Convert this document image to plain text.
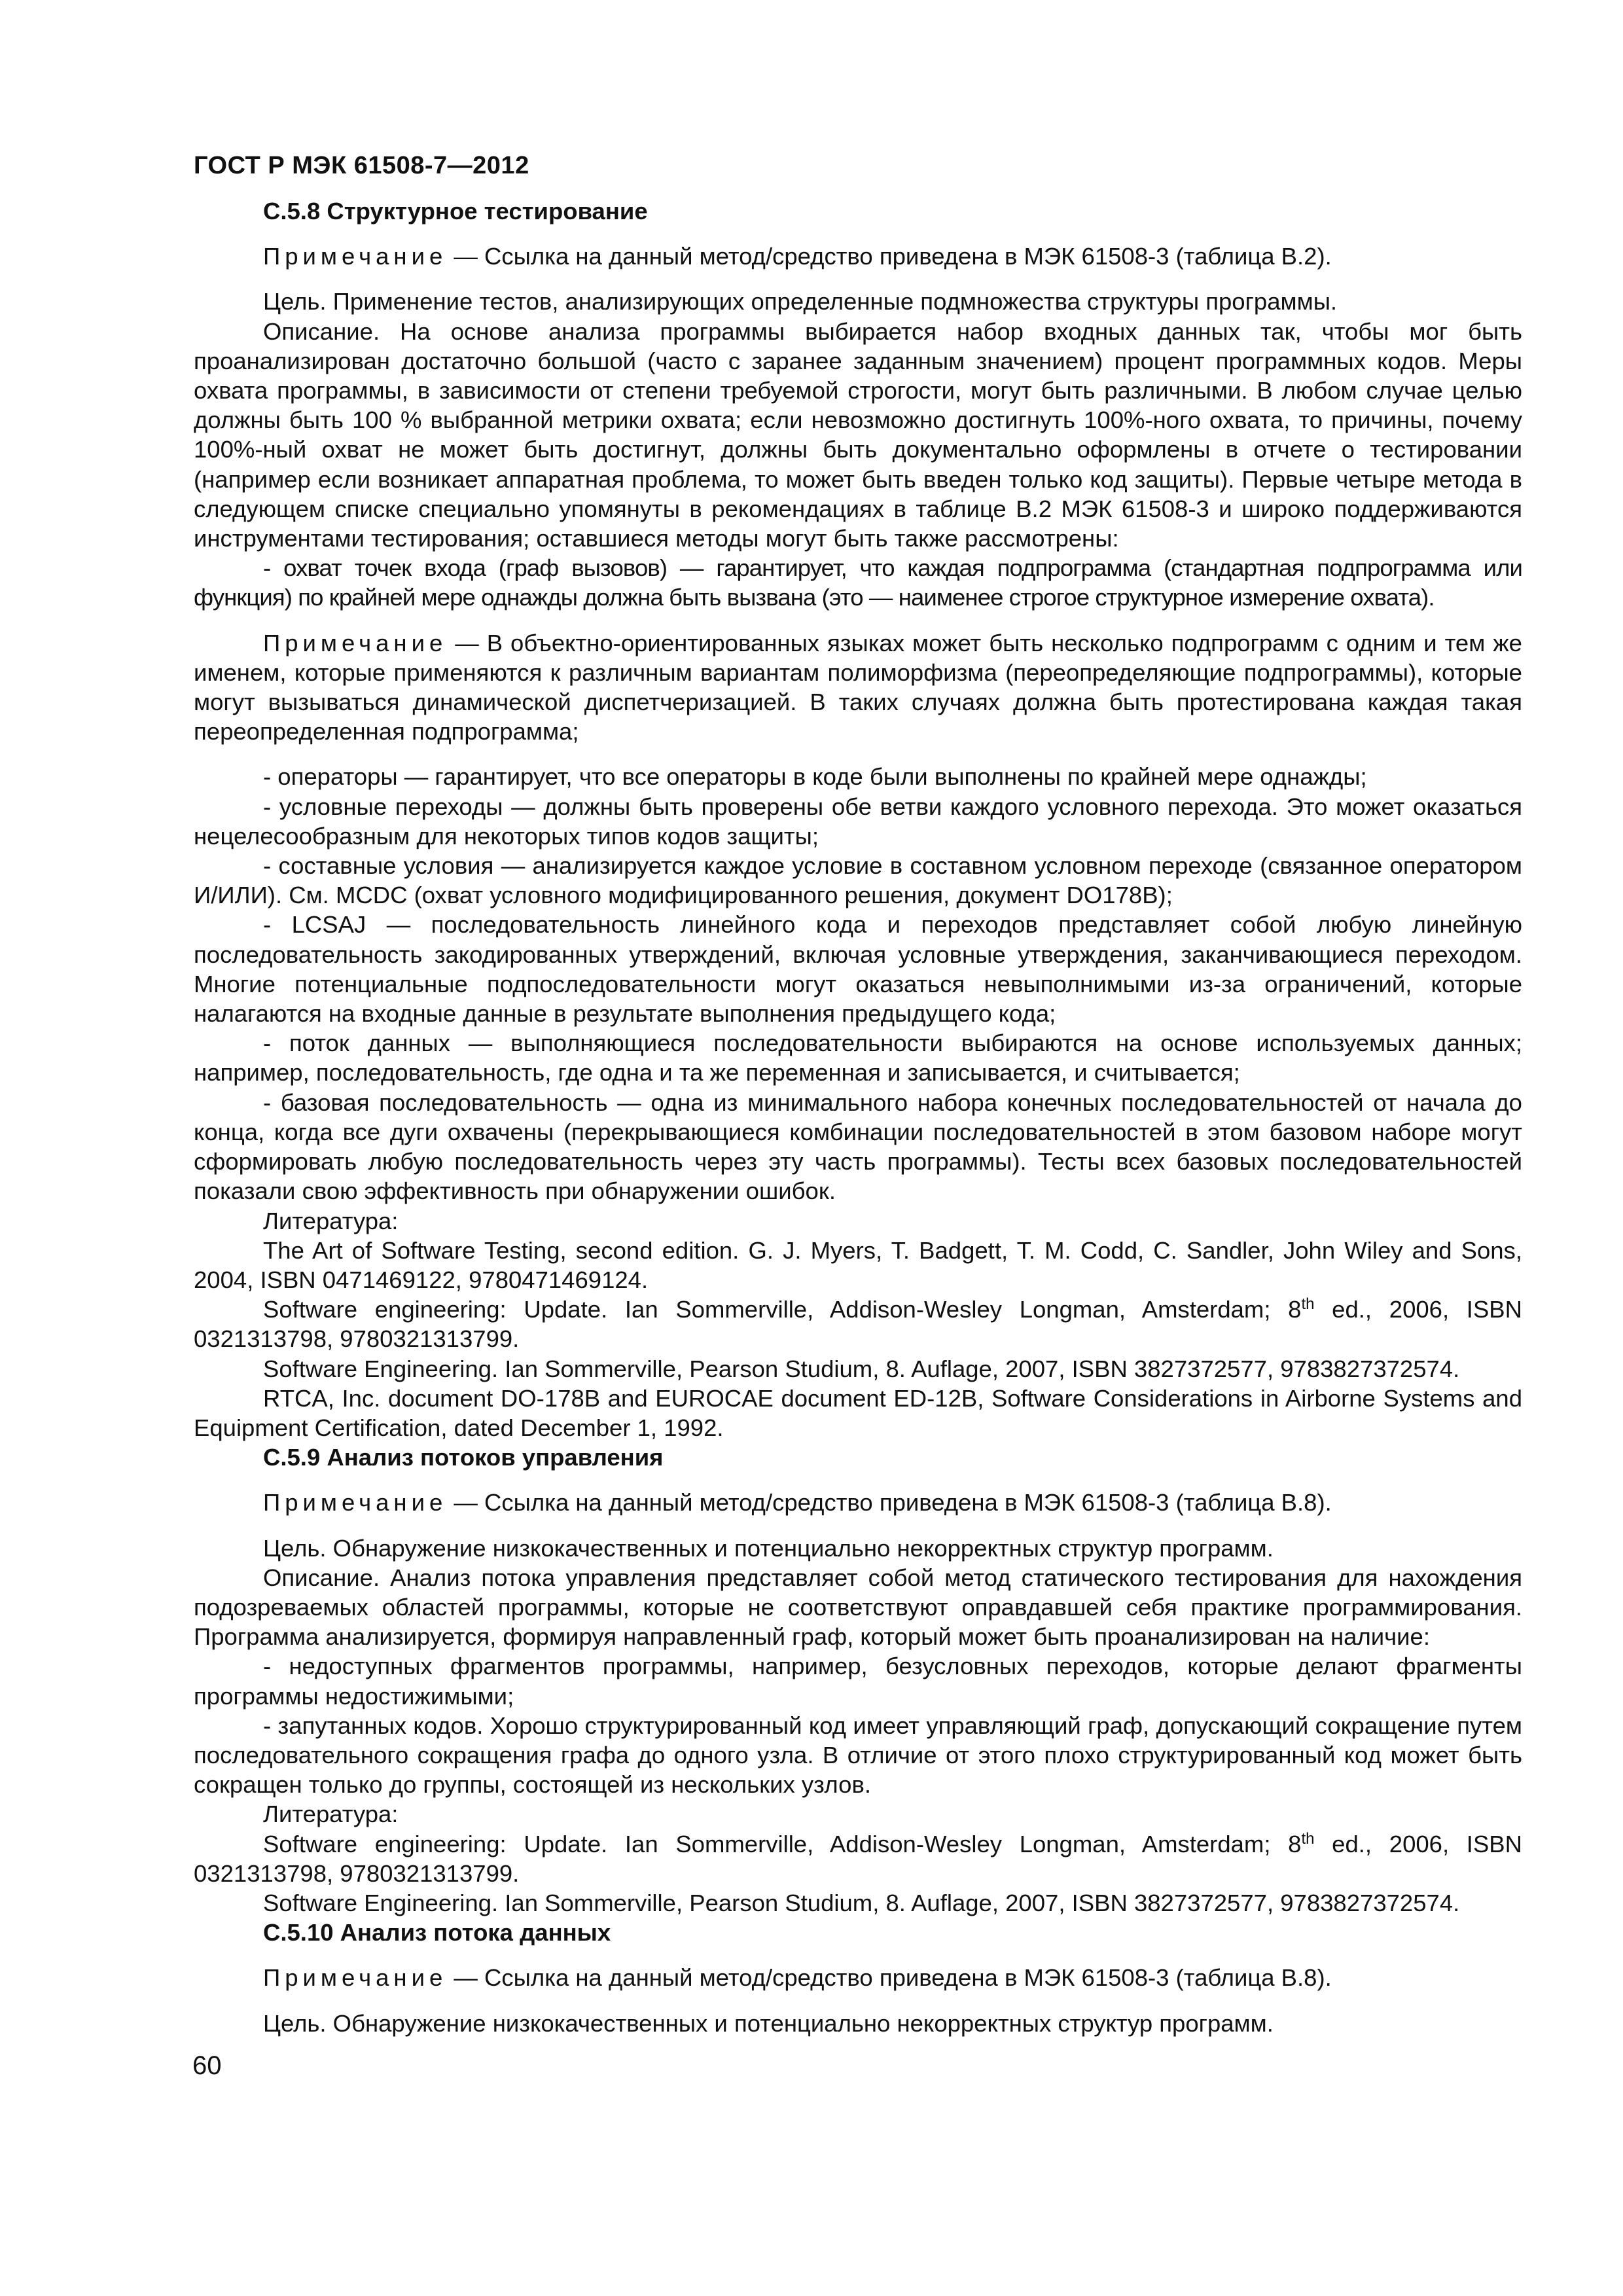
ГОСТ Р МЭК 61508-7—2012

С.5.8 Структурное тестирование

Примечание — Ссылка на данный метод/средство приведена в МЭК 61508-3 (таблица В.2).

Цель. Применение тестов, анализирующих определенные подмножества структуры программы.

Описание. На основе анализа программы выбирается набор входных данных так, чтобы мог быть проанализирован достаточно большой (часто с заранее заданным значением) процент программных кодов. Меры охвата программы, в зависимости от степени требуемой строгости, могут быть различными. В любом случае целью должны быть 100 % выбранной метрики охвата; если невозможно достигнуть 100%-ного охвата, то причины, почему 100%-ный охват не может быть достигнут, должны быть документально оформлены в отчете о тестировании (например если возникает аппаратная проблема, то может быть введен только код защиты). Первые четыре метода в следующем списке специально упомянуты в рекомендациях в таблице В.2 МЭК 61508-3 и широко поддерживаются инструментами тестирования; оставшиеся методы могут быть также рассмотрены:

- охват точек входа (граф вызовов) — гарантирует, что каждая подпрограмма (стандартная подпрограмма или функция) по крайней мере однажды должна быть вызвана (это — наименее строгое структурное измерение охвата).

Примечание — В объектно-ориентированных языках может быть несколько подпрограмм с одним и тем же именем, которые применяются к различным вариантам полиморфизма (переопределяющие подпрограммы), которые могут вызываться динамической диспетчеризацией. В таких случаях должна быть протестирована каждая такая переопределенная подпрограмма;

- операторы — гарантирует, что все операторы в коде были выполнены по крайней мере однажды;

- условные переходы — должны быть проверены обе ветви каждого условного перехода. Это может оказаться нецелесообразным для некоторых типов кодов защиты;

- составные условия — анализируется каждое условие в составном условном переходе (связанное оператором И/ИЛИ). См. MCDC (охват условного модифицированного решения, документ DO178B);

- LCSAJ — последовательность линейного кода и переходов представляет собой любую линейную последовательность закодированных утверждений, включая условные утверждения, заканчивающиеся переходом. Многие потенциальные подпоследовательности могут оказаться невыполнимыми из-за ограничений, которые налагаются на входные данные в результате выполнения предыдущего кода;

- поток данных — выполняющиеся последовательности выбираются на основе используемых данных; например, последовательность, где одна и та же переменная и записывается, и считывается;

- базовая последовательность — одна из минимального набора конечных последовательностей от начала до конца, когда все дуги охвачены (перекрывающиеся комбинации последовательностей в этом базовом наборе могут сформировать любую последовательность через эту часть программы). Тесты всех базовых последовательностей показали свою эффективность при обнаружении ошибок.

Литература:

The Art of Software Testing, second edition. G. J. Myers, T. Badgett, T. M. Codd, C. Sandler, John Wiley and Sons, 2004, ISBN 0471469122, 9780471469124.

Software engineering: Update. Ian Sommerville, Addison-Wesley Longman, Amsterdam; 8th ed., 2006, ISBN 0321313798, 9780321313799.

Software Engineering. Ian Sommerville, Pearson Studium, 8. Auflage, 2007, ISBN 3827372577, 9783827372574.

RTCA, Inc. document DO-178B and EUROCAE document ED-12B, Software Considerations in Airborne Systems and Equipment Certification, dated December 1, 1992.

С.5.9 Анализ потоков управления

Примечание — Ссылка на данный метод/средство приведена в МЭК 61508-3 (таблица В.8).

Цель. Обнаружение низкокачественных и потенциально некорректных структур программ.

Описание. Анализ потока управления представляет собой метод статического тестирования для нахождения подозреваемых областей программы, которые не соответствуют оправдавшей себя практике программирования. Программа анализируется, формируя направленный граф, который может быть проанализирован на наличие:

- недоступных фрагментов программы, например, безусловных переходов, которые делают фрагменты программы недостижимыми;

- запутанных кодов. Хорошо структурированный код имеет управляющий граф, допускающий сокращение путем последовательного сокращения графа до одного узла. В отличие от этого плохо структурированный код может быть сокращен только до группы, состоящей из нескольких узлов.

Литература:

Software engineering: Update. Ian Sommerville, Addison-Wesley Longman, Amsterdam; 8th ed., 2006, ISBN 0321313798, 9780321313799.

Software Engineering. Ian Sommerville, Pearson Studium, 8. Auflage, 2007, ISBN 3827372577, 9783827372574.

С.5.10 Анализ потока данных

Примечание — Ссылка на данный метод/средство приведена в МЭК 61508-3 (таблица В.8).

Цель. Обнаружение низкокачественных и потенциально некорректных структур программ.

60
